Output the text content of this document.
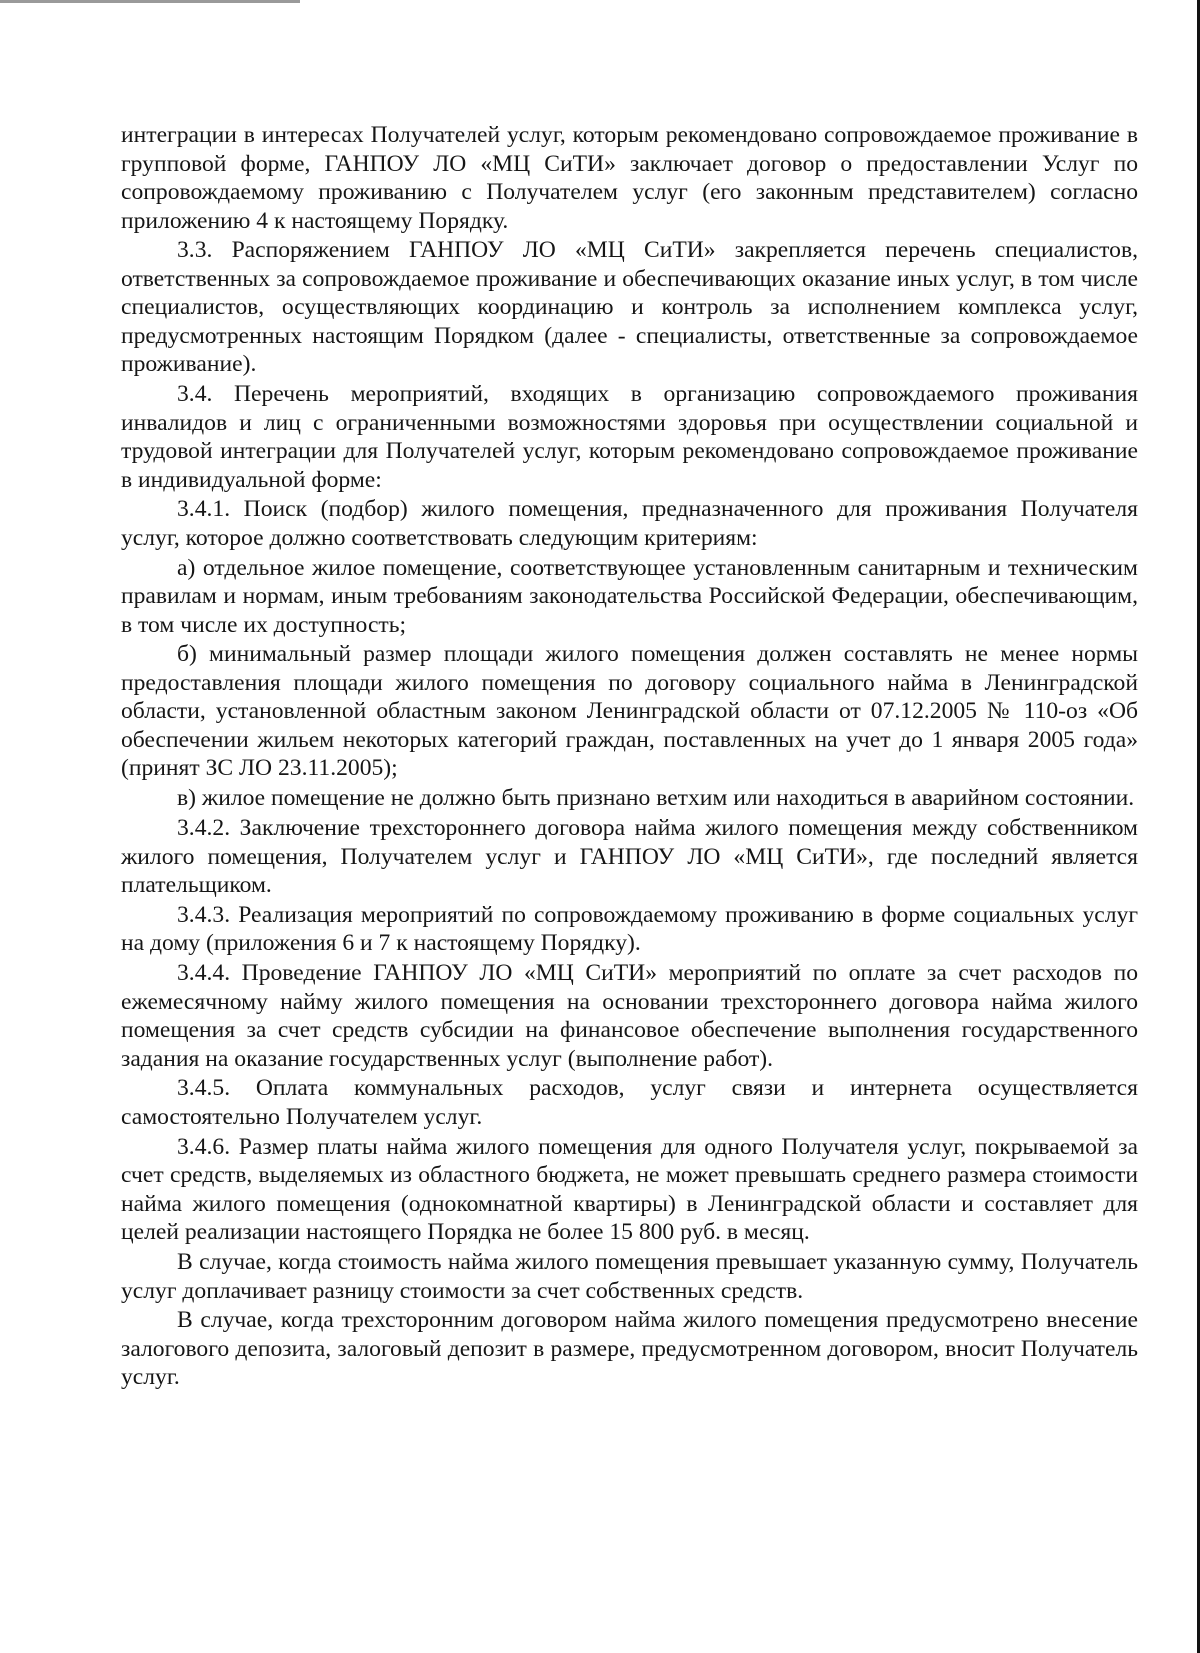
интеграции в интересах Получателей услуг, которым рекомендовано сопровождаемое проживание в групповой форме, ГАНПОУ ЛО «МЦ СиТИ» заключает договор о предоставлении Услуг по сопровождаемому проживанию с Получателем услуг (его законным представителем) согласно приложению 4 к настоящему Порядку.

3.3. Распоряжением ГАНПОУ ЛО «МЦ СиТИ» закрепляется перечень специалистов, ответственных за сопровождаемое проживание и обеспечивающих оказание иных услуг, в том числе специалистов, осуществляющих координацию и контроль за исполнением комплекса услуг, предусмотренных настоящим Порядком (далее - специалисты, ответственные за сопровождаемое проживание).

3.4. Перечень мероприятий, входящих в организацию сопровождаемого проживания инвалидов и лиц с ограниченными возможностями здоровья при осуществлении социальной и трудовой интеграции для Получателей услуг, которым рекомендовано сопровождаемое проживание в индивидуальной форме:

3.4.1. Поиск (подбор) жилого помещения, предназначенного для проживания Получателя услуг, которое должно соответствовать следующим критериям:

а) отдельное жилое помещение, соответствующее установленным санитарным и техническим правилам и нормам, иным требованиям законодательства Российской Федерации, обеспечивающим, в том числе их доступность;

б) минимальный размер площади жилого помещения должен составлять не менее нормы предоставления площади жилого помещения по договору социального найма в Ленинградской области, установленной областным законом Ленинградской области от 07.12.2005 № 110-оз «Об обеспечении жильем некоторых категорий граждан, поставленных на учет до 1 января 2005 года» (принят ЗС ЛО 23.11.2005);

в) жилое помещение не должно быть признано ветхим или находиться в аварийном состоянии.

3.4.2. Заключение трехстороннего договора найма жилого помещения между собственником жилого помещения, Получателем услуг и ГАНПОУ ЛО «МЦ СиТИ», где последний является плательщиком.

3.4.3. Реализация мероприятий по сопровождаемому проживанию в форме социальных услуг на дому (приложения 6 и 7 к настоящему Порядку).

3.4.4. Проведение ГАНПОУ ЛО «МЦ СиТИ» мероприятий по оплате за счет расходов по ежемесячному найму жилого помещения на основании трехстороннего договора найма жилого помещения за счет средств субсидии на финансовое обеспечение выполнения государственного задания на оказание государственных услуг (выполнение работ).

3.4.5. Оплата коммунальных расходов, услуг связи и интернета осуществляется самостоятельно Получателем услуг.

3.4.6. Размер платы найма жилого помещения для одного Получателя услуг, покрываемой за счет средств, выделяемых из областного бюджета, не может превышать среднего размера стоимости найма жилого помещения (однокомнатной квартиры) в Ленинградской области и составляет для целей реализации настоящего Порядка не более 15 800 руб. в месяц.

В случае, когда стоимость найма жилого помещения превышает указанную сумму, Получатель услуг доплачивает разницу стоимости за счет собственных средств.

В случае, когда трехсторонним договором найма жилого помещения предусмотрено внесение залогового депозита, залоговый депозит в размере, предусмотренном договором, вносит Получатель услуг.
